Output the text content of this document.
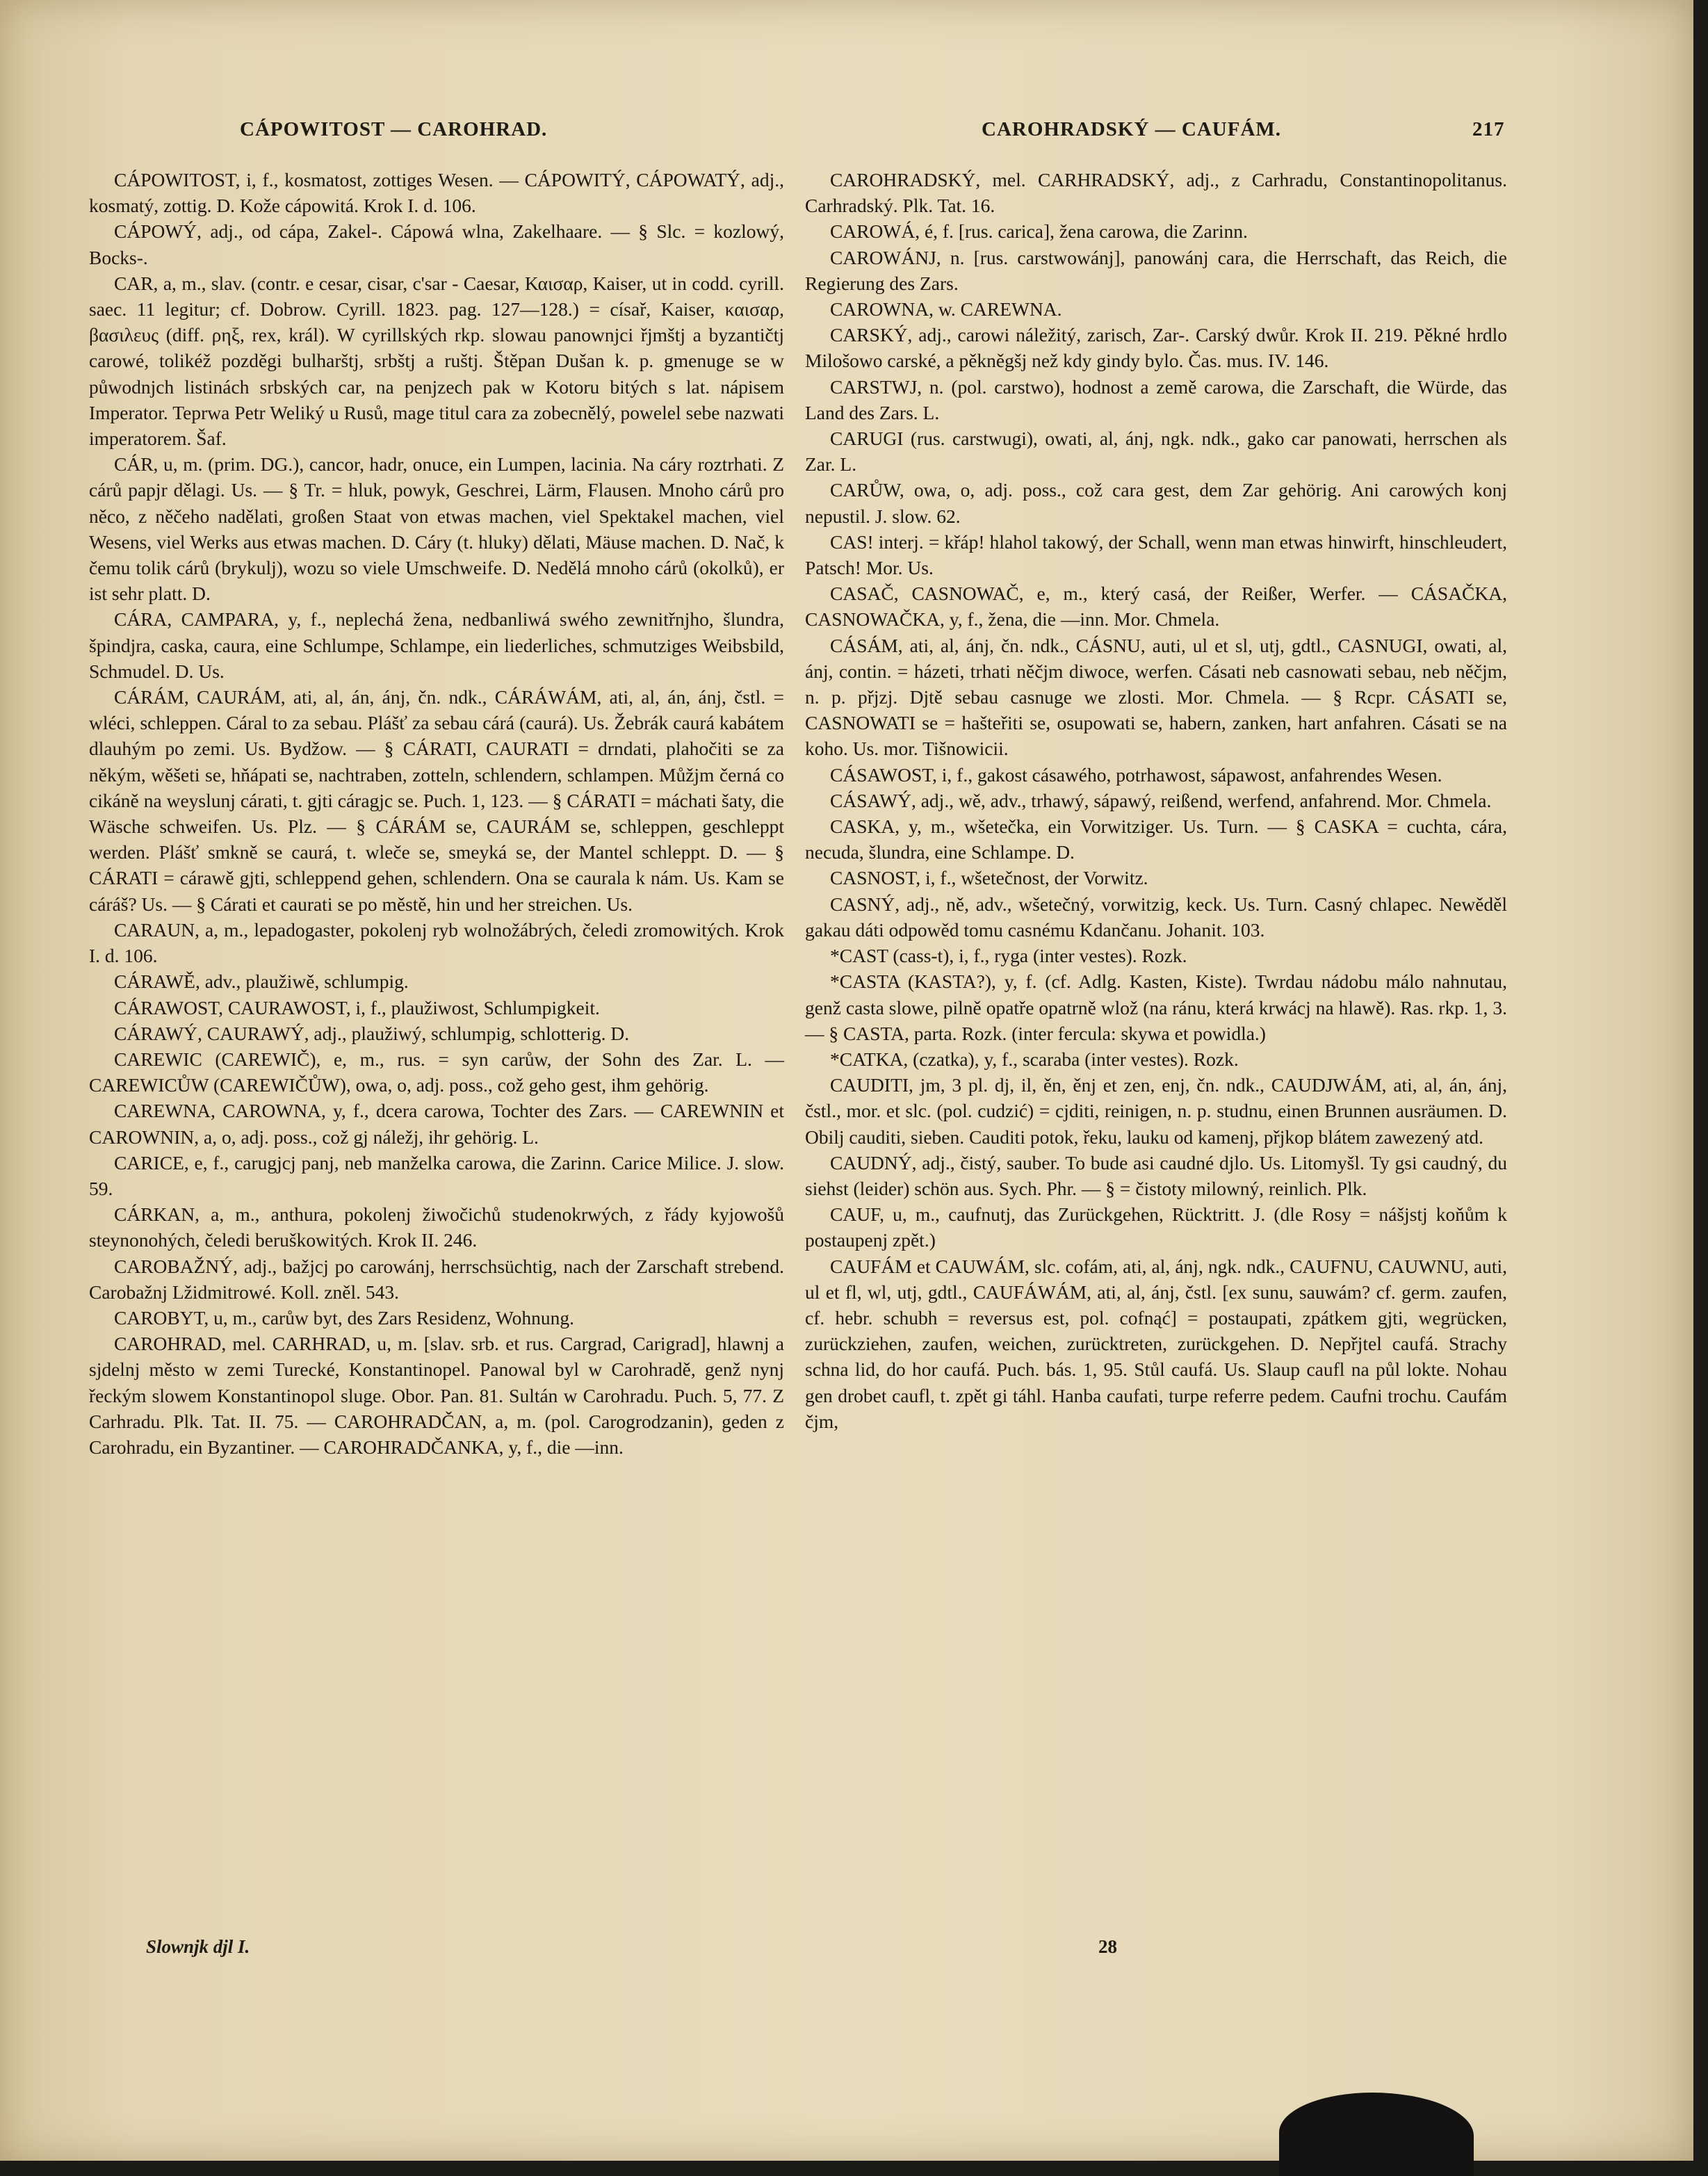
CÁPOWITOST — CAROHRAD.	CAROHRADSKÝ — CAUFÁM.	217

CÁPOWITOST, i, f., kosmatost, zottiges Wesen. — CÁPOWITÝ, CÁPOWATÝ, adj., kosmatý, zottig. D. Kože cápowitá. Krok I. d. 106.

CÁPOWÝ, adj., od cápa, Zakel-. Cápowá wlna, Zakelhaare. — § Slc. = kozlowý, Bocks-.

CAR, a, m., slav. (contr. e cesar, cisar, c'sar - Caesar, Καισαρ, Kaiser, ut in codd. cyrill. saec. 11 legitur; cf. Dobrow. Cyrill. 1823. pag. 127—128.) = císař, Kaiser, καισαρ, βασιλευς (diff. ρηξ, rex, král). W cyrillských rkp. slowau panownjci řjmštj a byzantičtj carowé, tolikéž pozděgi bulharštj, srbštj a ruštj. Štěpan Dušan k. p. gmenuge se w půwodnjch listinách srbských car, na penjzech pak w Kotoru bitých s lat. nápisem Imperator. Teprwa Petr Weliký u Rusů, mage titul cara za zobecnělý, powelel sebe nazwati imperatorem. Šaf.

CÁR, u, m. (prim. DG.), cancor, hadr, onuce, ein Lumpen, lacinia. Na cáry roztrhati. Z cárů papjr dělagi. Us. — § Tr. = hluk, powyk, Geschrei, Lärm, Flausen. Mnoho cárů pro něco, z něčeho nadělati, großen Staat von etwas machen, viel Spektakel machen, viel Wesens, viel Werks aus etwas machen. D. Cáry (t. hluky) dělati, Mäuse machen. D. Nač, k čemu tolik cárů (brykulj), wozu so viele Umschweife. D. Nedělá mnoho cárů (okolků), er ist sehr platt. D.

CÁRA, CAMPARA, y, f., neplechá žena, nedbanliwá swého zewnitřnjho, šlundra, špindjra, caska, caura, eine Schlumpe, Schlampe, ein liederliches, schmutziges Weibsbild, Schmudel. D. Us.

CÁRÁM, CAURÁM, ati, al, án, ánj, čn. ndk., CÁRÁWÁM, ati, al, án, ánj, čstl. = wléci, schleppen. Cáral to za sebau. Plášť za sebau cárá (caurá). Us. Žebrák caurá kabátem dlauhým po zemi. Us. Bydžow. — § CÁRATI, CAURATI = drndati, plahočiti se za někým, wěšeti se, hňápati se, nachtraben, zotteln, schlendern, schlampen. Můžjm černá co cikáně na weyslunj cárati, t. gjti cáragjc se. Puch. 1, 123. — § CÁRATI = máchati šaty, die Wäsche schweifen. Us. Plz. — § CÁRÁM se, CAURÁM se, schleppen, geschleppt werden. Plášť smkně se caurá, t. wleče se, smeyká se, der Mantel schleppt. D. — § CÁRATI = cárawě gjti, schleppend gehen, schlendern. Ona se caurala k nám. Us. Kam se cáráš? Us. — § Cárati et caurati se po městě, hin und her streichen. Us.

CARAUN, a, m., lepadogaster, pokolenj ryb wolnožábrých, čeledi zromowitých. Krok I. d. 106.

CÁRAWĚ, adv., plaužiwě, schlumpig.

CÁRAWOST, CAURAWOST, i, f., plaužiwost, Schlumpigkeit.

CÁRAWÝ, CAURAWÝ, adj., plaužiwý, schlumpig, schlotterig. D.

CAREWIC (CAREWIČ), e, m., rus. = syn carůw, der Sohn des Zar. L. — CAREWICŮW (CAREWIČŮW), owa, o, adj. poss., což geho gest, ihm gehörig.

CAREWNA, CAROWNA, y, f., dcera carowa, Tochter des Zars. — CAREWNIN et CAROWNIN, a, o, adj. poss., což gj náležj, ihr gehörig. L.

CARICE, e, f., carugjcj panj, neb manželka carowa, die Zarinn. Carice Milice. J. slow. 59.

CÁRKAN, a, m., anthura, pokolenj žiwočichů studenokrwých, z řády kyjowošů steynonohých, čeledi beruškowitých. Krok II. 246.

CAROBAŽNÝ, adj., bažjcj po carowánj, herrschsüchtig, nach der Zarschaft strebend. Carobažnj Lžidmitrowé. Koll. zněl. 543.

CAROBYT, u, m., carůw byt, des Zars Residenz, Wohnung.

CAROHRAD, mel. CARHRAD, u, m. [slav. srb. et rus. Cargrad, Carigrad], hlawnj a sjdelnj město w zemi Turecké, Konstantinopel. Panowal byl w Carohradě, genž nynj řeckým slowem Konstantinopol sluge. Obor. Pan. 81. Sultán w Carohradu. Puch. 5, 77. Z Carhradu. Plk. Tat. II. 75. — CAROHRADČAN, a, m. (pol. Carogrodzanin), geden z Carohradu, ein Byzantiner. — CAROHRADČANKA, y, f., die —inn.

CAROHRADSKÝ, mel. CARHRADSKÝ, adj., z Carhradu, Constantinopolitanus. Carhradský. Plk. Tat. 16.

CAROWÁ, é, f. [rus. carica], žena carowa, die Zarinn.

CAROWÁNJ, n. [rus. carstwowánj], panowánj cara, die Herrschaft, das Reich, die Regierung des Zars.

CAROWNA, w. CAREWNA.

CARSKÝ, adj., carowi náležitý, zarisch, Zar-. Carský dwůr. Krok II. 219. Pěkné hrdlo Milošowo carské, a pěkněgšj než kdy gindy bylo. Čas. mus. IV. 146.

CARSTWJ, n. (pol. carstwo), hodnost a země carowa, die Zarschaft, die Würde, das Land des Zars. L.

CARUGI (rus. carstwugi), owati, al, ánj, ngk. ndk., gako car panowati, herrschen als Zar. L.

CARŮW, owa, o, adj. poss., což cara gest, dem Zar gehörig. Ani carowých konj nepustil. J. slow. 62.

CAS! interj. = křáp! hlahol takowý, der Schall, wenn man etwas hinwirft, hinschleudert, Patsch! Mor. Us.

CASAČ, CASNOWAČ, e, m., který casá, der Reißer, Werfer. — CÁSAČKA, CASNOWAČKA, y, f., žena, die —inn. Mor. Chmela.

CÁSÁM, ati, al, ánj, čn. ndk., CÁSNU, auti, ul et sl, utj, gdtl., CASNUGI, owati, al, ánj, contin. = házeti, trhati něčjm diwoce, werfen. Cásati neb casnowati sebau, neb něčjm, n. p. přjzj. Djtě sebau casnuge we zlosti. Mor. Chmela. — § Rcpr. CÁSATI se, CASNOWATI se = hašteřiti se, osupowati se, habern, zanken, hart anfahren. Cásati se na koho. Us. mor. Tišnowicii.

CÁSAWOST, i, f., gakost cásawého, potrhawost, sápawost, anfahrendes Wesen.

CÁSAWÝ, adj., wě, adv., trhawý, sápawý, reißend, werfend, anfahrend. Mor. Chmela.

CASKA, y, m., wšetečka, ein Vorwitziger. Us. Turn. — § CASKA = cuchta, cára, necuda, šlundra, eine Schlampe. D.

CASNOST, i, f., wšetečnost, der Vorwitz.

CASNÝ, adj., ně, adv., wšetečný, vorwitzig, keck. Us. Turn. Casný chlapec. Newěděl gakau dáti odpowěd tomu casnému Kdančanu. Johanit. 103.

*CAST (cass-t), i, f., ryga (inter vestes). Rozk.

*CASTA (KASTA?), y, f. (cf. Adlg. Kasten, Kiste). Twrdau nádobu málo nahnutau, genž casta slowe, pilně opatře opatrně wlož (na ránu, která krwácj na hlawě). Ras. rkp. 1, 3. — § CASTA, parta. Rozk. (inter fercula: skywa et powidla.)

*CATKA, (czatka), y, f., scaraba (inter vestes). Rozk.

CAUDITI, jm, 3 pl. dj, il, ěn, ěnj et zen, enj, čn. ndk., CAUDJWÁM, ati, al, án, ánj, čstl., mor. et slc. (pol. cudzić) = cjditi, reinigen, n. p. studnu, einen Brunnen ausräumen. D. Obilj cauditi, sieben. Cauditi potok, řeku, lauku od kamenj, přjkop blátem zawezený atd.

CAUDNÝ, adj., čistý, sauber. To bude asi caudné djlo. Us. Litomyšl. Ty gsi caudný, du siehst (leider) schön aus. Sych. Phr. — § = čistoty milowný, reinlich. Plk.

CAUF, u, m., caufnutj, das Zurückgehen, Rücktritt. J. (dle Rosy = nášjstj koňům k postaupenj zpět.)

CAUFÁM et CAUWÁM, slc. cofám, ati, al, ánj, ngk. ndk., CAUFNU, CAUWNU, auti, ul et fl, wl, utj, gdtl., CAUFÁWÁM, ati, al, ánj, čstl. [ex sunu, sauwám? cf. germ. zaufen, cf. hebr. schubh = reversus est, pol. cofnąć] = postaupati, zpátkem gjti, wegrücken, zurückziehen, zaufen, weichen, zurücktreten, zurückgehen. D. Nepřjtel caufá. Strachy schna lid, do hor caufá. Puch. bás. 1, 95. Stůl caufá. Us. Slaup caufl na půl lokte. Nohau gen drobet caufl, t. zpět gi táhl. Hanba caufati, turpe referre pedem. Caufni trochu. Caufám čjm,

Slownjk djl I.	28
